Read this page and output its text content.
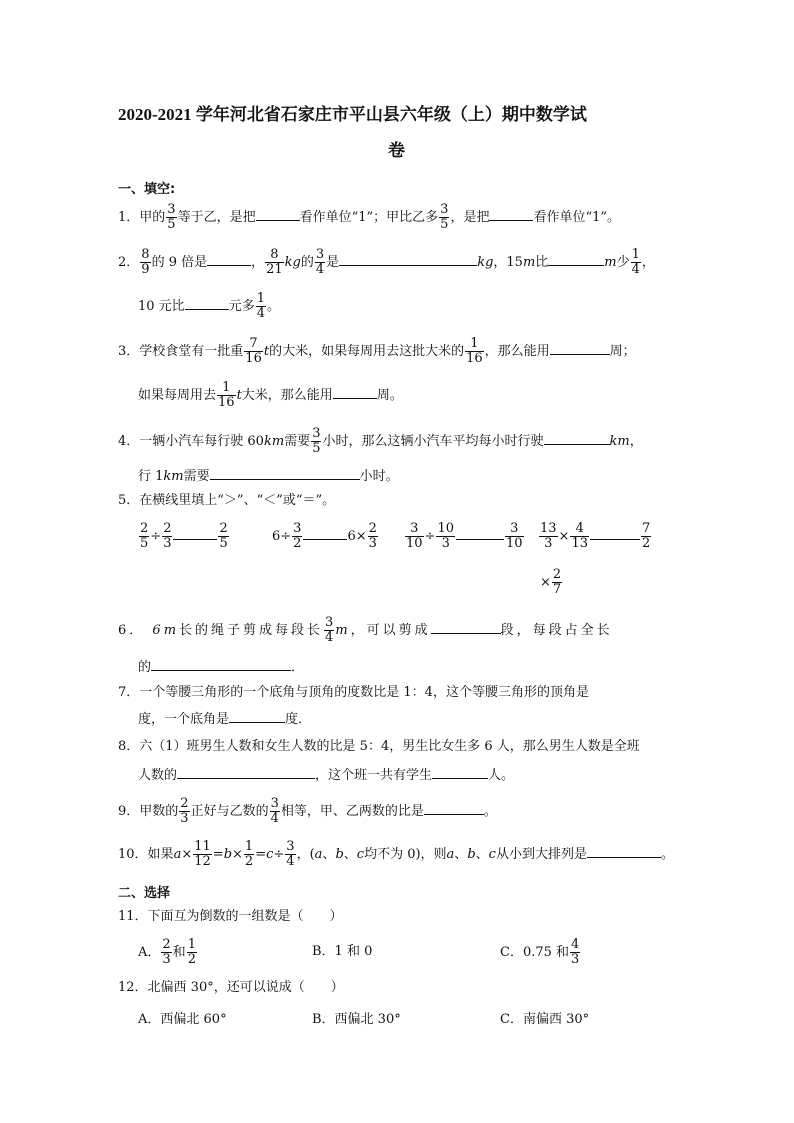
2020-2021 学年河北省石家庄市平山县六年级（上）期中数学试
卷
一、填空:
1．甲的 $\frac{3}{5}$ 等于乙，是把	看作单位“1”；甲比乙多 $\frac{3}{5}$ ，是把	看作单位“1”。
2． $\frac{8}{9}$ 的 9 倍是	， $\frac{8}{21}$ kg的 $\frac{3}{4}$ 是	kg，15m比	m少 $\frac{1}{4}$ ，
10 元比	元多 $\frac{1}{4}$ 。
3．学校食堂有一批重 $\frac{7}{16}$ t的大米，如果每周用去这批大米的 $\frac{1}{16}$ ，那么能用	周；
如果每周用去 $\frac{1}{16}$ t大米，那么能用	周。
4．一辆小汽车每行驶 60km需要 $\frac{3}{5}$ 小时，那么这辆小汽车平均每小时行驶	km，
行 1km需要	小时。
5．在横线里填上“＞”、“＜”或“＝”。
$\frac{2}{5} \div \frac{2}{3}$	$\frac{2}{5}$	$6\div \frac{3}{2}$	$6\times \frac{2}{3} \frac{3}{10} \div \frac{10}{3}$	$\frac{3}{10} \frac{13}{3} \times \frac{4}{13}$	$\frac{7}{2}$
× $\frac{2}{7}$
6． 6m长的绳子剪成每段长 $\frac{3}{4}$ m，可以剪成	段，每段占全长
的	．
7．一个等腰三角形的一个底角与顶角的度数比是 1：4，这个等腰三角形的顶角是
度，一个底角是	度．
8．六（1）班男生人数和女生人数的比是 5：4，男生比女生多 6 人，那么男生人数是全班
人数的	，这个班一共有学生	人。
9．甲数的 $\frac{2}{3}$ 正好与乙数的 $\frac{3}{4}$ 相等，甲、乙两数的比是	。
10．如果$a\times \frac{11}{12} =b\times \frac{1}{2} =c\div \frac{3}{4}$ ，(a、b、c均不为 0)，则a、b、c从小到大排列是	。
二、选择
11．下面互为倒数的一组数是（　　）
A． $\frac{2}{3}$ 和 $\frac{1}{2}$	B．1 和 0	C．0.75 和 $\frac{4}{3}$
12．北偏西 30°，还可以说成（　　）
A．西偏北 60°	B．西偏北 30°	C．南偏西 30°
